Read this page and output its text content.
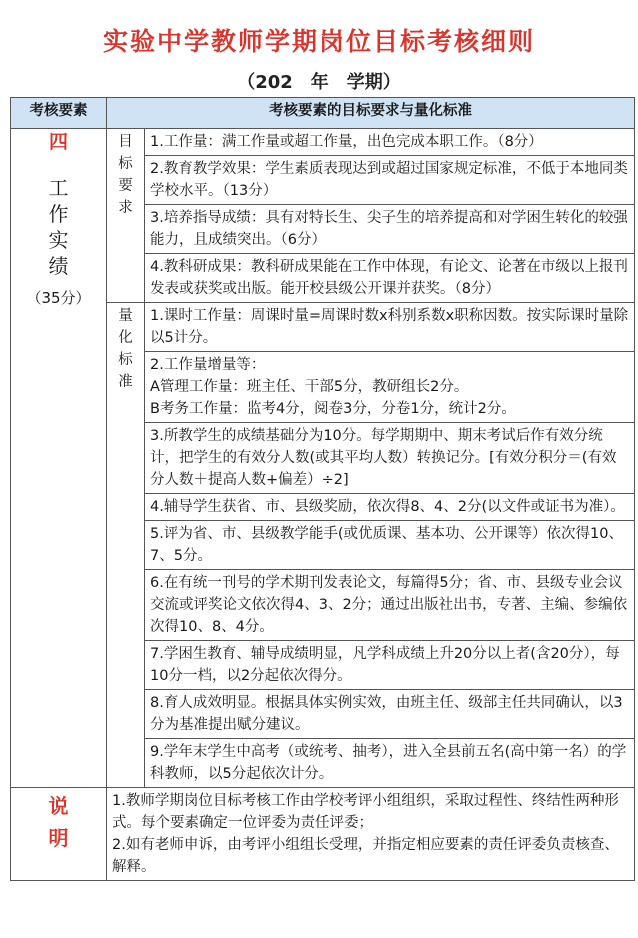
实验中学教师学期岗位目标考核细则
（202　年　学期）
考核要素	考核要素的目标要求与量化标准	

四
工作实绩
（35分）	目标要求	1.工作量：满工作量或超工作量，出色完成本职工作。（8分）
		2.教育教学效果：学生素质表现达到或超过国家规定标准，不低于本地同类学校水平。（13分）
		3.培养指导成绩：具有对特长生、尖子生的培养提高和对学困生转化的较强能力，且成绩突出。（6分）
		4.教科研成果：教科研成果能在工作中体现，有论文、论著在市级以上报刊发表或获奖或出版。能开校县级公开课并获奖。（8分）

	量化标准	1.课时工作量：周课时量=周课时数x科别系数x职称因数。按实际课时量除以5计分。

		2.工作量增量等：
A管理工作量：班主任、干部5分，教研组长2分。
B考务工作量：监考4分，阅卷3分，分卷1分，统计2分。

		3.所教学生的成绩基础分为10分。每学期期中、期末考试后作有效分统计，把学生的有效分人数(或其平均人数）转换记分。[有效分积分＝(有效分人数＋提高人数+偏差）÷2]

		4.辅导学生获省、市、县级奖励，依次得8、4、2分(以文件或证书为准）。

		5.评为省、市、县级教学能手(或优质课、基本功、公开课等）依次得10、7、5分。

		6.在有统一刊号的学术期刊发表论文，每篇得5分；省、市、县级专业会议交流或评奖论文依次得4、3、2分；通过出版社出书，专著、主编、参编依次得10、8、4分。

		7.学困生教育、辅导成绩明显，凡学科成绩上升20分以上者(含20分），每10分一档，以2分起依次得分。

		8.育人成效明显。根据具体实例实效，由班主任、级部主任共同确认，以3分为基准提出赋分建议。

		9.学年末学生中高考（或统考、抽考），进入全县前五名(高中第一名）的学科教师，以5分起依次计分。

说明	1.教师学期岗位目标考核工作由学校考评小组组织，采取过程性、终结性两种形式。每个要素确定一位评委为责任评委；
2.如有老师申诉，由考评小组组长受理，并指定相应要素的责任评委负责核查、解释。	
